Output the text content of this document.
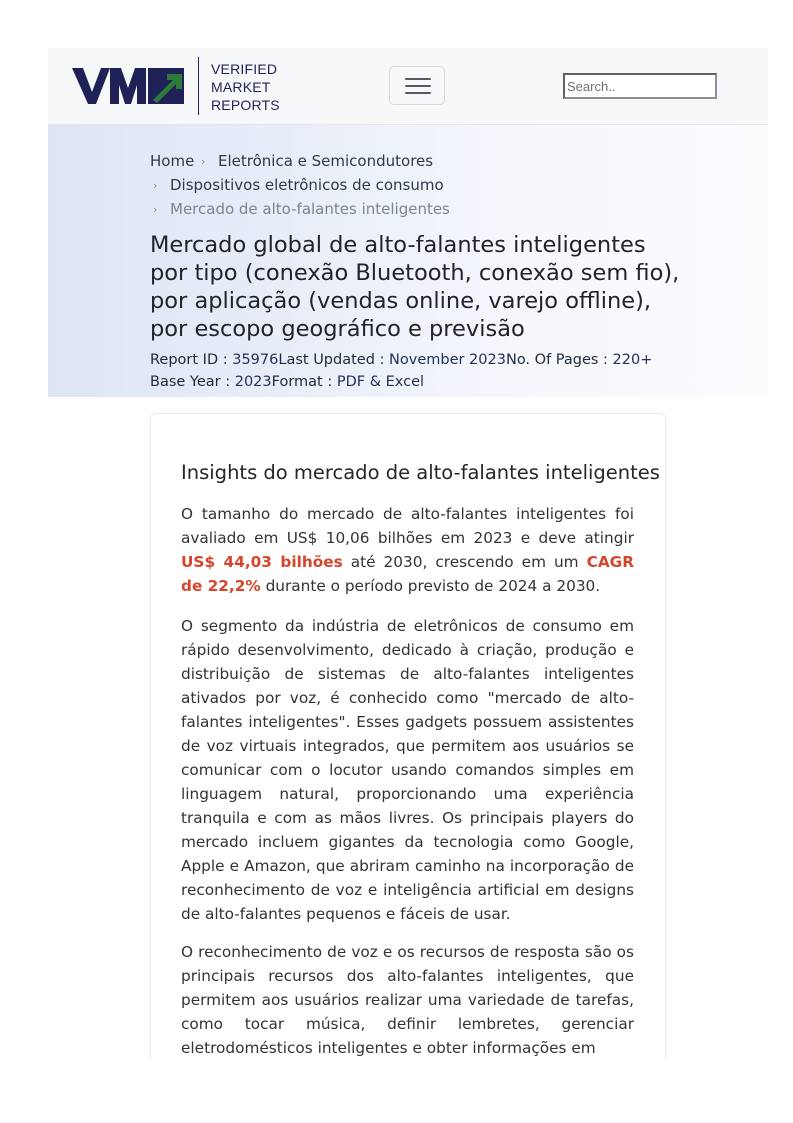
VERIFIED
MARKET
REPORTS
Search..
Home › Eletrônica e Semicondutores
› Dispositivos eletrônicos de consumo
› Mercado de alto-falantes inteligentes
Mercado global de alto-falantes inteligentes
por tipo (conexão Bluetooth, conexão sem fio),
por aplicação (vendas online, varejo offline),
por escopo geográfico e previsão
Report ID : 35976Last Updated : November 2023No. Of Pages : 220+
Base Year : 2023Format : PDF & Excel
Insights do mercado de alto-falantes inteligentes

O tamanho do mercado de alto-falantes inteligentes foi avaliado em US$ 10,06 bilhões em 2023 e deve atingir US$ 44,03 bilhões até 2030, crescendo em um CAGR de 22,2% durante o período previsto de 2024 a 2030.

O segmento da indústria de eletrônicos de consumo em rápido desenvolvimento, dedicado à criação, produção e distribuição de sistemas de alto-falantes inteligentes ativados por voz, é conhecido como "mercado de alto-falantes inteligentes". Esses gadgets possuem assistentes de voz virtuais integrados, que permitem aos usuários se comunicar com o locutor usando comandos simples em linguagem natural, proporcionando uma experiência tranquila e com as mãos livres. Os principais players do mercado incluem gigantes da tecnologia como Google, Apple e Amazon, que abriram caminho na incorporação de reconhecimento de voz e inteligência artificial em designs de alto-falantes pequenos e fáceis de usar.

O reconhecimento de voz e os recursos de resposta são os principais recursos dos alto-falantes inteligentes, que permitem aos usuários realizar uma variedade de tarefas, como tocar música, definir lembretes, gerenciar eletrodomésticos inteligentes e obter informações em
